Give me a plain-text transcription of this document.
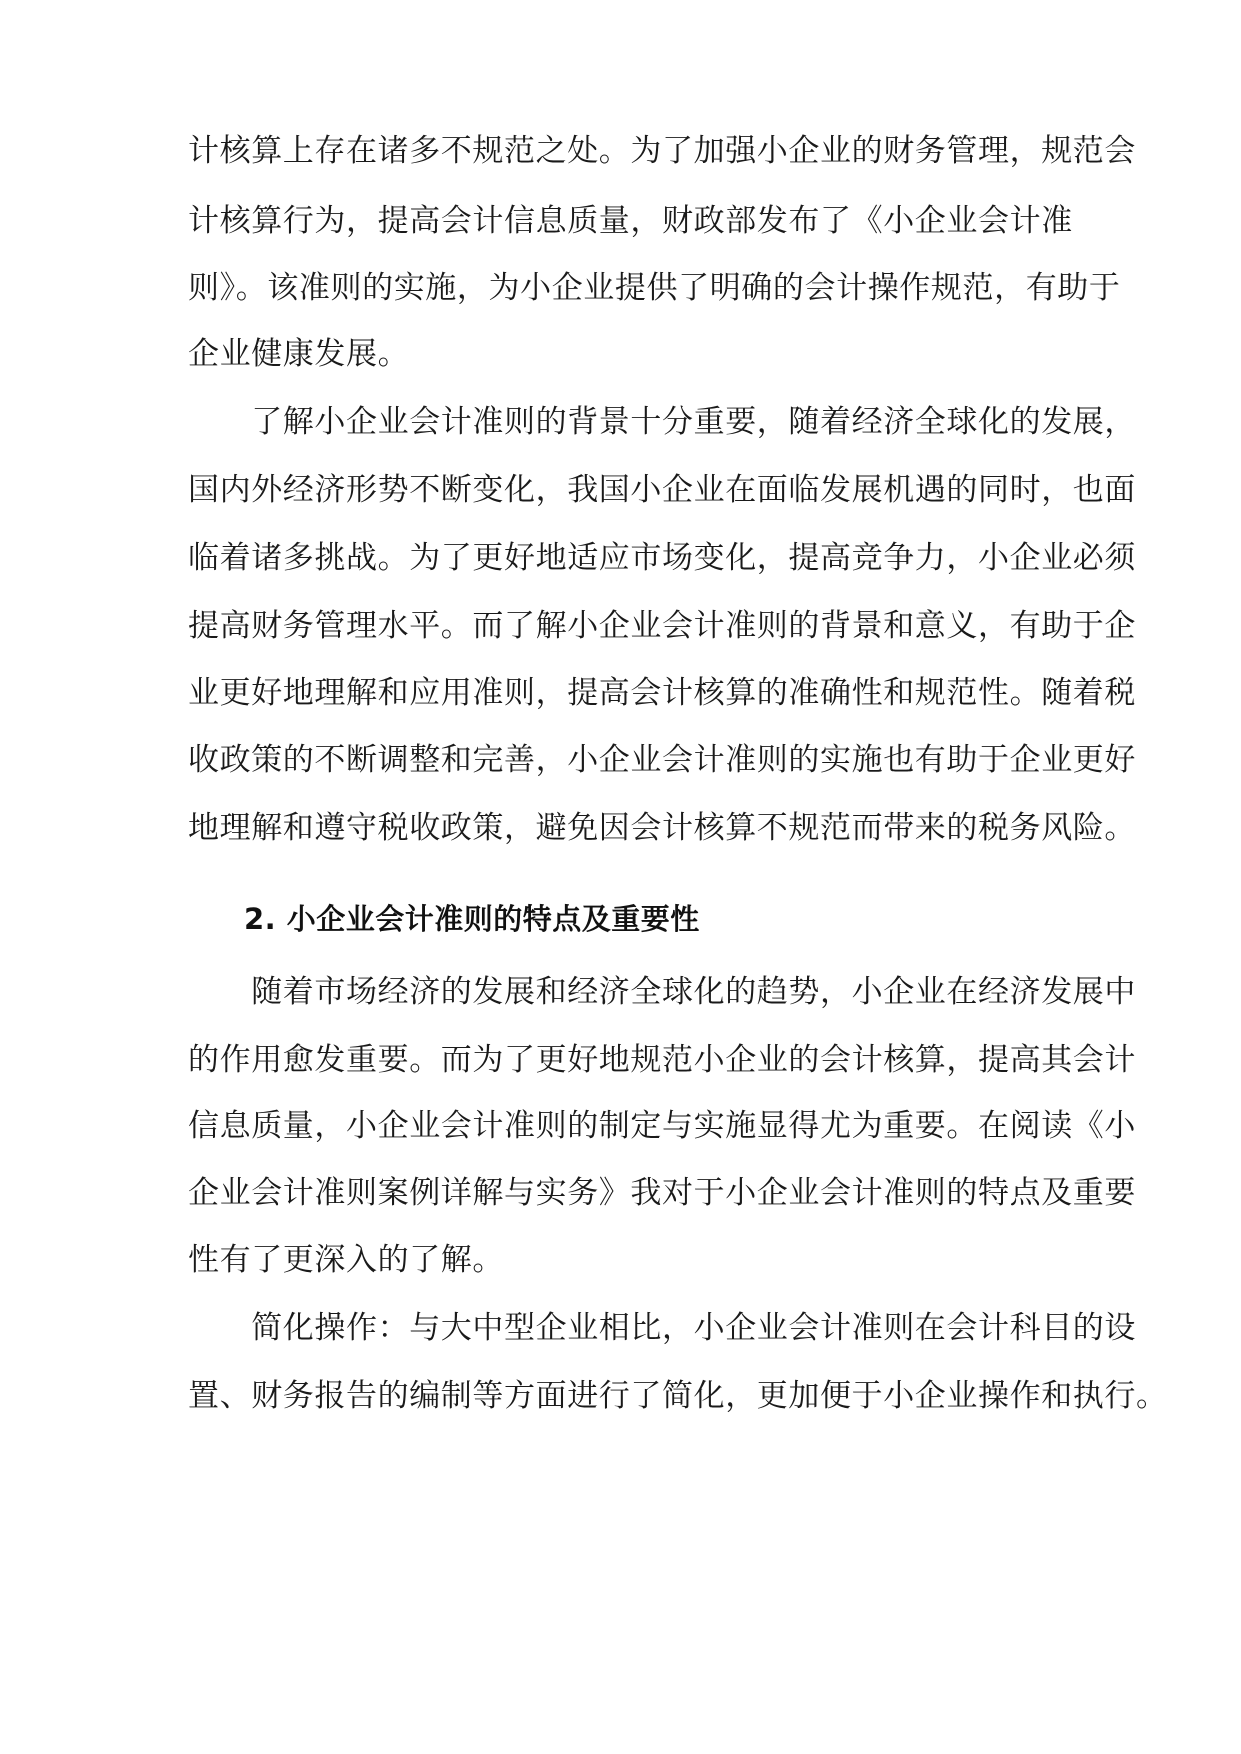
计核算上存在诸多不规范之处。为了加强小企业的财务管理，规范会

计核算行为，提高会计信息质量，财政部发布了《小企业会计准

则》。该准则的实施，为小企业提供了明确的会计操作规范，有助于

企业健康发展。

　　了解小企业会计准则的背景十分重要，随着经济全球化的发展，

国内外经济形势不断变化，我国小企业在面临发展机遇的同时，也面

临着诸多挑战。为了更好地适应市场变化，提高竞争力，小企业必须

提高财务管理水平。而了解小企业会计准则的背景和意义，有助于企

业更好地理解和应用准则，提高会计核算的准确性和规范性。随着税

收政策的不断调整和完善，小企业会计准则的实施也有助于企业更好

地理解和遵守税收政策，避免因会计核算不规范而带来的税务风险。

2. 小企业会计准则的特点及重要性

　　随着市场经济的发展和经济全球化的趋势，小企业在经济发展中

的作用愈发重要。而为了更好地规范小企业的会计核算，提高其会计

信息质量，小企业会计准则的制定与实施显得尤为重要。在阅读《小

企业会计准则案例详解与实务》我对于小企业会计准则的特点及重要

性有了更深入的了解。

　　简化操作：与大中型企业相比，小企业会计准则在会计科目的设

置、财务报告的编制等方面进行了简化，更加便于小企业操作和执行。
